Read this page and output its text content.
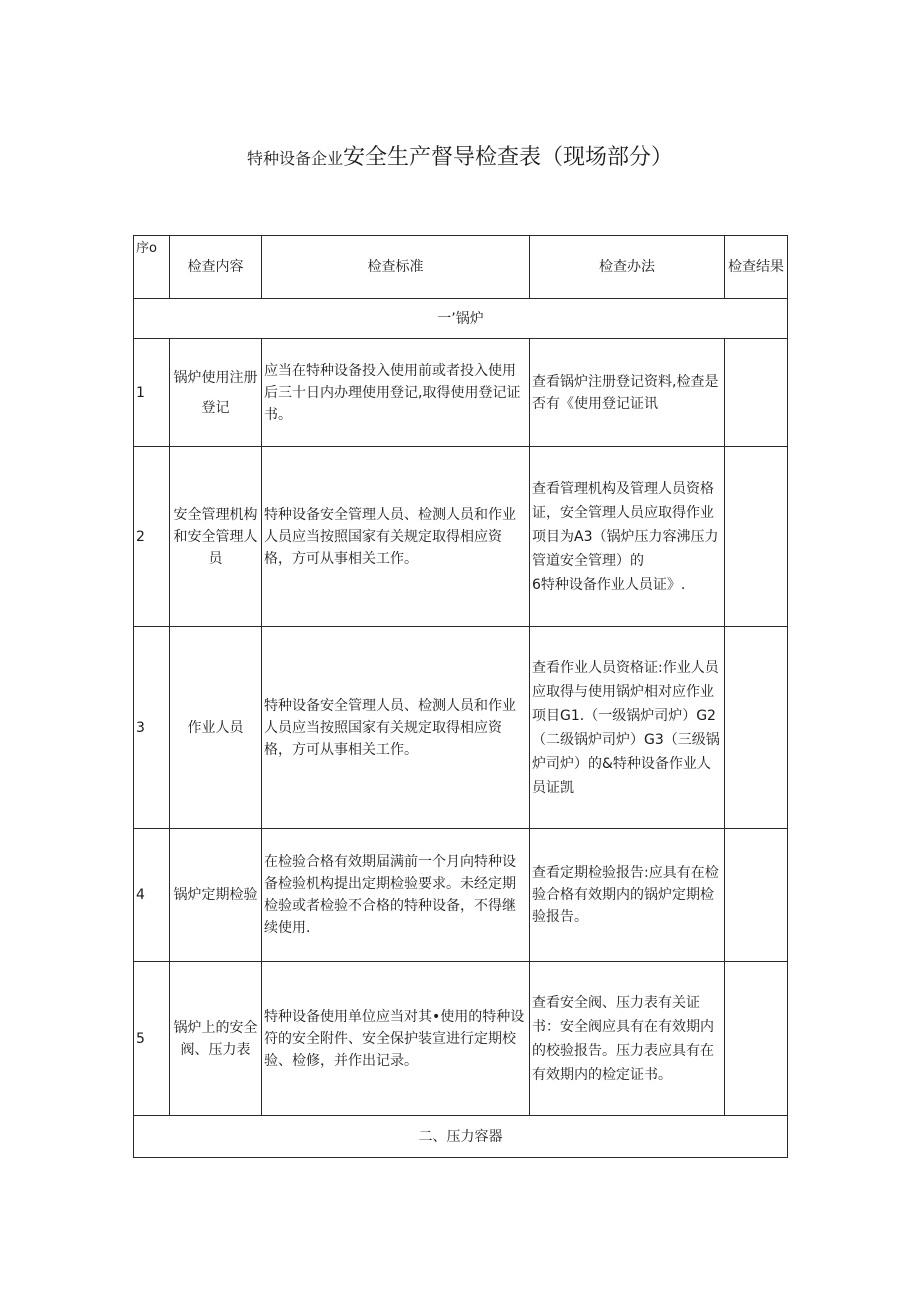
特种设备企业安全生产督导检查表（现场部分）
序o	检查内容	检查标准	检查办法	检查结果
一’锅炉				
1	锅炉使用注册登记	应当在特种设备投入使用前或者投入使用后三十日内办理使用登记,取得使用登记证书。	查看锅炉注册登记资料,检查是否有《使用登记证讯	
2	安全管理机构和安全管理人员	特种设备安全管理人员、检测人员和作业人员应当按照国家有关规定取得相应资格，方可从事相关工作。	查看管理机构及管理人员资格证，安全管理人员应取得作业项目为A3（锅炉压力容沸压力管道安全管理）的
6特种设备作业人员证》.	
3	作业人员	特种设备安全管理人员、检测人员和作业人员应当按照国家有关规定取得相应资格，方可从事相关工作。	查看作业人员资格证:作业人员应取得与使用锅炉相对应作业项目G1.（一级锅炉司炉）G2（二级锅炉司炉）G3（三级锅炉司炉）的&特种设备作业人员证凯	
4	锅炉定期检验	在检验合格有效期届满前一个月向特种设备检验机构提出定期检验要求。未经定期检验或者检验不合格的特种设备，不得继续使用.	查看定期检验报告:应具有在检验合格有效期内的锅炉定期检验报告。	
5	锅炉上的安全阀、压力表	特种设备使用单位应当对其•使用的特种设符的安全附件、安全保护装宣进行定期校验、检修，并作出记录。	查看安全阀、压力表有关证书：安全阀应具有在有效期内的校验报告。压力表应具有在有效期内的检定证书。	
二、压力容器				
